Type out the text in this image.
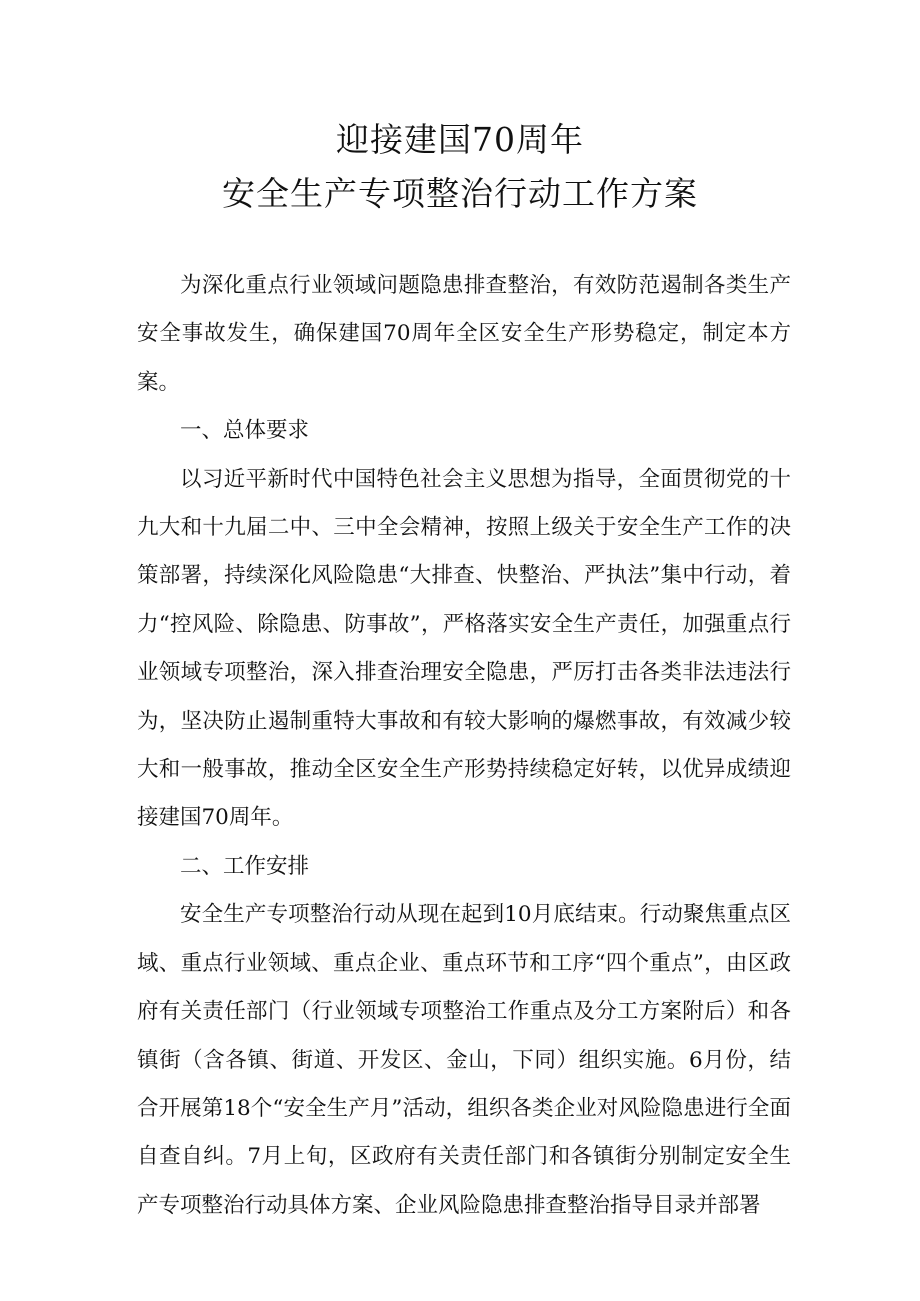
迎接建国70周年
安全生产专项整治行动工作方案

为深化重点行业领域问题隐患排查整治，有效防范遏制各类生产安全事故发生，确保建国70周年全区安全生产形势稳定，制定本方案。

一、总体要求

以习近平新时代中国特色社会主义思想为指导，全面贯彻党的十九大和十九届二中、三中全会精神，按照上级关于安全生产工作的决策部署，持续深化风险隐患“大排查、快整治、严执法”集中行动，着力“控风险、除隐患、防事故”，严格落实安全生产责任，加强重点行业领域专项整治，深入排查治理安全隐患，严厉打击各类非法违法行为，坚决防止遏制重特大事故和有较大影响的爆燃事故，有效减少较大和一般事故，推动全区安全生产形势持续稳定好转，以优异成绩迎接建国70周年。

二、工作安排

安全生产专项整治行动从现在起到10月底结束。行动聚焦重点区域、重点行业领域、重点企业、重点环节和工序“四个重点”，由区政府有关责任部门（行业领域专项整治工作重点及分工方案附后）和各镇街（含各镇、街道、开发区、金山，下同）组织实施。6月份，结合开展第18个“安全生产月”活动，组织各类企业对风险隐患进行全面自查自纠。7月上旬，区政府有关责任部门和各镇街分别制定安全生产专项整治行动具体方案、企业风险隐患排查整治指导目录并部署
